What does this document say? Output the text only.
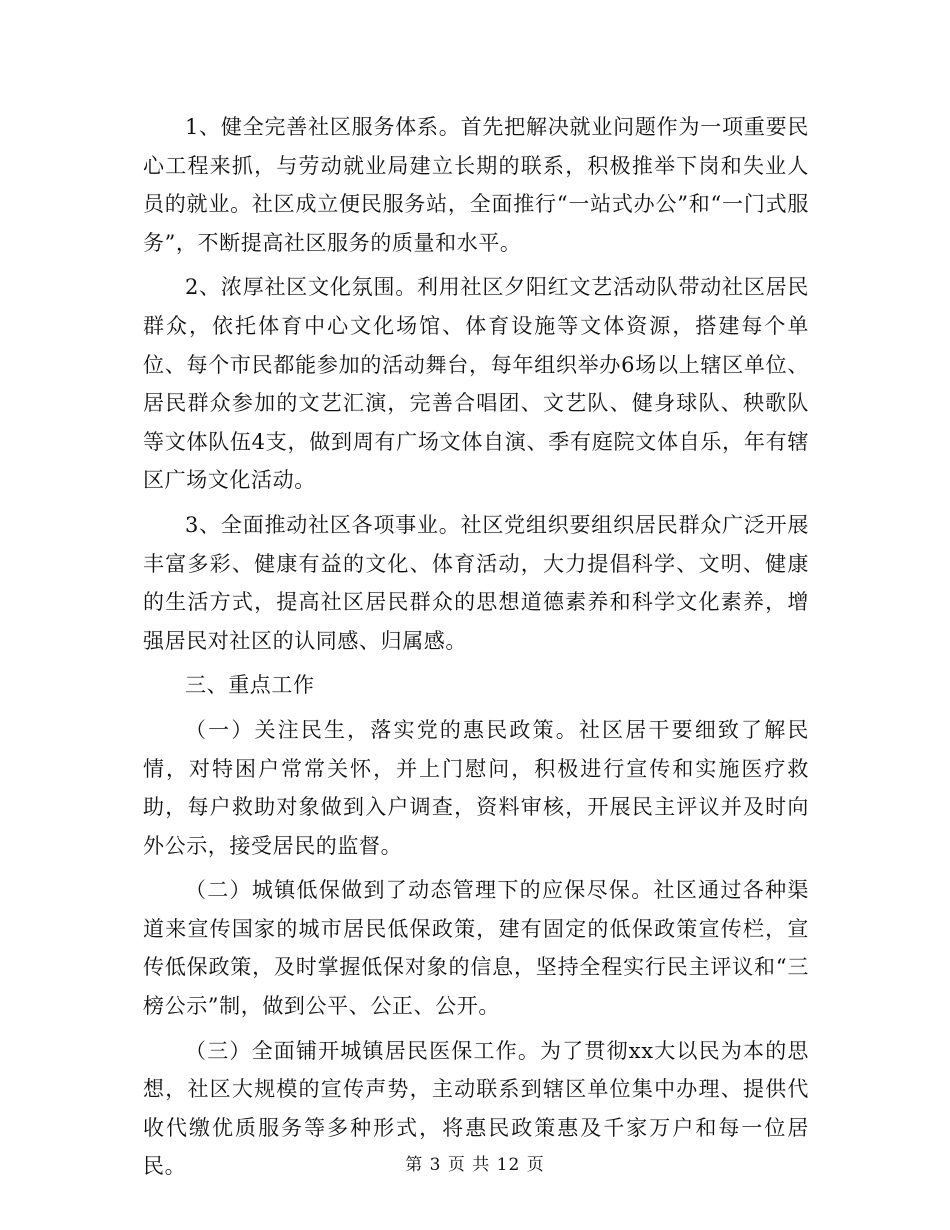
1、健全完善社区服务体系。首先把解决就业问题作为一项重要民心工程来抓，与劳动就业局建立长期的联系，积极推举下岗和失业人员的就业。社区成立便民服务站，全面推行“一站式办公”和“一门式服务”，不断提高社区服务的质量和水平。

2、浓厚社区文化氛围。利用社区夕阳红文艺活动队带动社区居民群众，依托体育中心文化场馆、体育设施等文体资源，搭建每个单位、每个市民都能参加的活动舞台，每年组织举办6场以上辖区单位、居民群众参加的文艺汇演，完善合唱团、文艺队、健身球队、秧歌队等文体队伍4支，做到周有广场文体自演、季有庭院文体自乐，年有辖区广场文化活动。

3、全面推动社区各项事业。社区党组织要组织居民群众广泛开展丰富多彩、健康有益的文化、体育活动，大力提倡科学、文明、健康的生活方式，提高社区居民群众的思想道德素养和科学文化素养，增强居民对社区的认同感、归属感。

三、重点工作

（一）关注民生，落实党的惠民政策。社区居干要细致了解民情，对特困户常常关怀，并上门慰问，积极进行宣传和实施医疗救助，每户救助对象做到入户调查，资料审核，开展民主评议并及时向外公示，接受居民的监督。

（二）城镇低保做到了动态管理下的应保尽保。社区通过各种渠道来宣传国家的城市居民低保政策，建有固定的低保政策宣传栏，宣传低保政策，及时掌握低保对象的信息，坚持全程实行民主评议和“三榜公示”制，做到公平、公正、公开。

（三）全面铺开城镇居民医保工作。为了贯彻xx大以民为本的思想，社区大规模的宣传声势，主动联系到辖区单位集中办理、提供代收代缴优质服务等多种形式，将惠民政策惠及千家万户和每一位居民。	第 3 页 共 12 页
